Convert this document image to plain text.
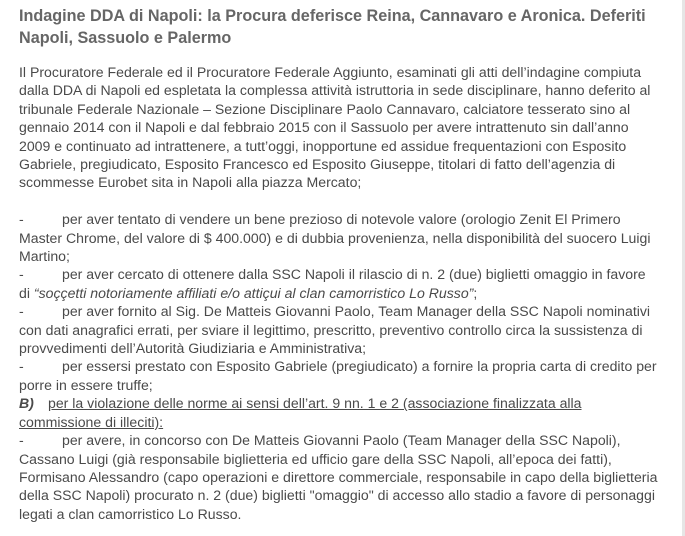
Indagine DDA di Napoli: la Procura deferisce Reina, Cannavaro e Aronica. Deferiti Napoli, Sassuolo e Palermo

Il Procuratore Federale ed il Procuratore Federale Aggiunto, esaminati gli atti dell’indagine compiuta dalla DDA di Napoli ed espletata la complessa attività istruttoria in sede disciplinare, hanno deferito al tribunale Federale Nazionale – Sezione Disciplinare Paolo Cannavaro, calciatore tesserato sino al gennaio 2014 con il Napoli e dal febbraio 2015 con il Sassuolo per avere intrattenuto sin dall’anno 2009 e continuato ad intrattenere, a tutt’oggi, inopportune ed assidue frequentazioni con Esposito Gabriele, pregiudicato, Esposito Francesco ed Esposito Giuseppe, titolari di fatto dell’agenzia di scommesse Eurobet sita in Napoli alla piazza Mercato;

-	per aver tentato di vendere un bene prezioso di notevole valore (orologio Zenit El Primero Master Chrome, del valore di $ 400.000) e di dubbia provenienza, nella disponibilità del suocero Luigi Martino;

-	per aver cercato di ottenere dalla SSC Napoli il rilascio di n. 2 (due) biglietti omaggio in favore di “soççetti notoriamente affiliati e/o attiçui al clan camorristico Lo Russo”;

-	per aver fornito al Sig. De Matteis Giovanni Paolo, Team Manager della SSC Napoli nominativi con dati anagrafici errati, per sviare il legittimo, prescritto, preventivo controllo circa la sussistenza di provvedimenti dell’Autorità Giudiziaria e Amministrativa;

-	per essersi prestato con Esposito Gabriele (pregiudicato) a fornire la propria carta di credito per porre in essere truffe;

B) per la violazione delle norme ai sensi dell’art. 9 nn. 1 e 2 (associazione finalizzata alla commissione di illeciti):

-	per avere, in concorso con De Matteis Giovanni Paolo (Team Manager della SSC Napoli), Cassano Luigi (già responsabile biglietteria ed ufficio gare della SSC Napoli, all’epoca dei fatti), Formisano Alessandro (capo operazioni e direttore commerciale, responsabile in capo della biglietteria della SSC Napoli) procurato n. 2 (due) biglietti "omaggio" di accesso allo stadio a favore di personaggi legati a clan camorristico Lo Russo.
